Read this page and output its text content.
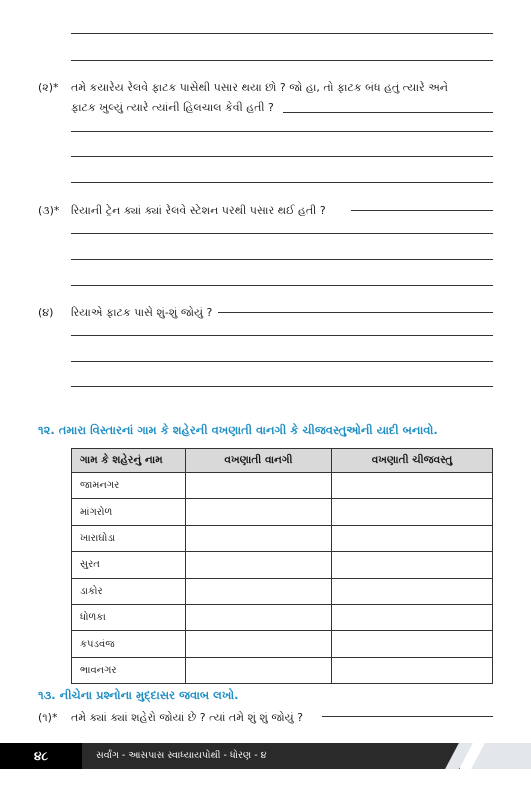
(૨)* તમે કયારેય રેલવે ફાટક પાસેથી પસાર થયા છો ? જો હા, તો ફાટક બંધ હતું ત્યારે અને
ફાટક ખુલ્યું ત્યારે ત્યાંની હિલચાલ કેવી હતી ?
(૩)* રિયાની ટ્રેન ક્યાં ક્યાં રેલવે સ્ટેશન પરથી પસાર થઈ હતી ?
(૪) રિયાએ ફાટક પાસે શું-શું જોયું ?
૧૨. તમારા વિસ્તારનાં ગામ કે શહેરની વખણાતી વાનગી કે ચીજવસ્તુઓની યાદી બનાવો.
ગામ કે શહેરનું નામ	વખણાતી વાનગી	વખણાતી ચીજવસ્તુ
જામનગર		
માંગરોળ		
ખારાઘોડા		
સુરત		
ડાકોર		
ધોળકા		
કપડવંજ		
ભાવનગર		
૧૩. નીચેના પ્રશ્નોના મુદ્દાસર જવાબ લખો.
(૧)* તમે ક્યાં ક્યાં શહેરો જોયાં છે ? ત્યાં તમે શું શું જોયું ?
૪૮	સર્વાંગ - આસપાસ સ્વાધ્યાયપોથી - ધોરણ - ૪
